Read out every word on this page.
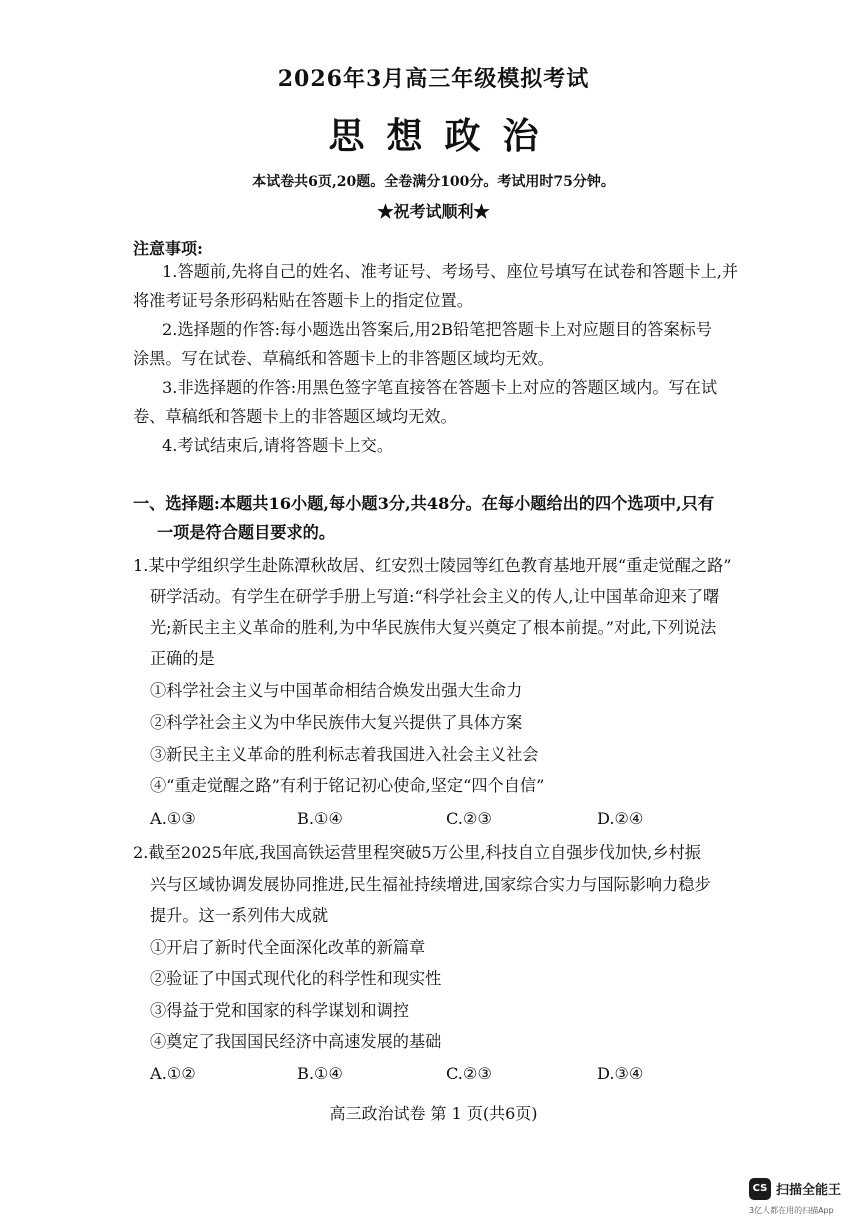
2026年3月高三年级模拟考试
思想政治
本试卷共6页,20题。全卷满分100分。考试用时75分钟。
★祝考试顺利★
注意事项:
1.答题前,先将自己的姓名、准考证号、考场号、座位号填写在试卷和答题卡上,并
将准考证号条形码粘贴在答题卡上的指定位置。
2.选择题的作答:每小题选出答案后,用2B铅笔把答题卡上对应题目的答案标号
涂黑。写在试卷、草稿纸和答题卡上的非答题区域均无效。
3.非选择题的作答:用黑色签字笔直接答在答题卡上对应的答题区域内。写在试
卷、草稿纸和答题卡上的非答题区域均无效。
4.考试结束后,请将答题卡上交。
一、选择题:本题共16小题,每小题3分,共48分。在每小题给出的四个选项中,只有
一项是符合题目要求的。
1.某中学组织学生赴陈潭秋故居、红安烈士陵园等红色教育基地开展“重走觉醒之路”
研学活动。有学生在研学手册上写道:“科学社会主义的传人,让中国革命迎来了曙
光;新民主主义革命的胜利,为中华民族伟大复兴奠定了根本前提。”对此,下列说法
正确的是
①科学社会主义与中国革命相结合焕发出强大生命力
②科学社会主义为中华民族伟大复兴提供了具体方案
③新民主主义革命的胜利标志着我国进入社会主义社会
④“重走觉醒之路”有利于铭记初心使命,坚定“四个自信”
A.①③	B.①④	C.②③	D.②④
2.截至2025年底,我国高铁运营里程突破5万公里,科技自立自强步伐加快,乡村振
兴与区域协调发展协同推进,民生福祉持续增进,国家综合实力与国际影响力稳步
提升。这一系列伟大成就
①开启了新时代全面深化改革的新篇章
②验证了中国式现代化的科学性和现实性
③得益于党和国家的科学谋划和调控
④奠定了我国国民经济中高速发展的基础
A.①②	B.①④	C.②③	D.③④
高三政治试卷 第 1 页(共6页)
CS 扫描全能王
3亿人都在用的扫描App
